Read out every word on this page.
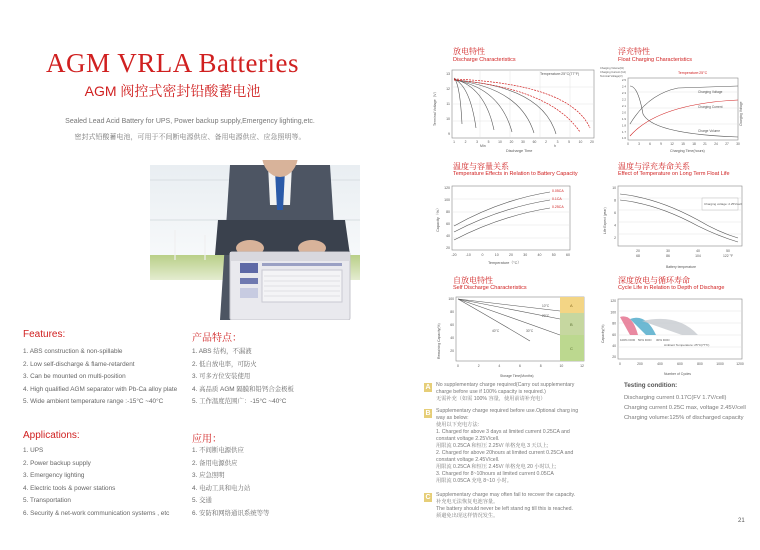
AGM VRLA Batteries
AGM 阀控式密封铅酸蓄电池
Sealed Lead Acid Battery for UPS, Power backup supply,Emergency lighting,etc.
密封式铅酸蓄电池，可用于不间断电源供应、备用电源供应、应急照明等。
Features:	产品特点：
1. ABS construction & non-spillable
2. Low self-discharge & flame-retardent
3. Can be mounted on multi-position
4. High qualified AGM separator with Pb-Ca alloy plate
5. Wide ambient temperature range :-15°C ~40°C
1. ABS 结构，不漏液
2. 低自放电率，可防火
3. 可多方位安装使用
4. 高品质 AGM 隔膜和铅钙合金极板
5. 工作温度范围广：-15°C ~40°C
Applications:	应用：
1. UPS
2. Power backup supply
3. Emergency lighting
4. Electric tools & power stations
5. Transportation
6. Security & net-work communication systems , etc
1. 不间断电源供应
2. 备用电源供应
3. 应急照明
4. 电动工具和电力站
5. 交通
6. 安防和网络通讯系统等等
放电特性
Discharge Characteristics
Temperature:25°C(77°F)
Terminal Voltage（V）
Discharge Time
Min	h
13
12
11
10
9
1	2	3	5	10 20 30 60	2	3	5	10 20
浮充特性
Float Charging Characteristics
Temperature:25°C
Charging Voltage
Charging Current
Charge Volume
Charging Voltage
Charging Time(hours)
Charging Volume(%)
Charging Current (CA)
Terminal Voltage(V)
0	3	6	9	12 15 18 21 24 27 30
2.5
2.4
2.3
2.2
2.1
2.0
1.9
1.8
1.7
1.6
温度与容量关系
Temperature Effects in Relation to Battery Capacity
0.05CA
0.1CA
0.25CA
Capacity（%）
Temperature（°C）
120
100
80
60
40
20
-20	-10	0	10	20	30	40	50	60
温度与浮充寿命关系
Effect of Temperature on Long Term Float Life
Charging voltage: 2.25V/cell
Life Expect (year)
Battery temperature
20	30	40	50
68	86	104	122 °F
10
8
6
4
2
自放电特性
Self Discharge Characteristics
A
B
C
10°C
20°C
30°C
40°C
Remaining Capacity(%)
Storage Time(Months)
0	2	4	6	8	10	12
100
80
60
40
20
深度放电与循环寿命
Cycle Life in Relation to Depth of Discharge
100% DOD 50% DOD 30% DOD
Ambient Temperature: 25°C(77°F)
Capacity(%)
Number of Cycles
0	200	400	600	800	1000	1200
120
100
80
60
40
20
A No supplementary charge required(Carry out supplementary
charge before use if 100% capacity is required.)
无需补充（如需 100% 容量，使用前请补充电）
B Supplementary charge required before use.Optional charg ing
way as below:
使用以下充电方法:
1. Charged for above 3 days at limited current 0.25CA and
constant voltage 2.25V/cell.
用限流 0.25CA 和恒压 2.25V/ 单格充电 3 天以上;
2. Charged for above 20hours at limited current 0.25CA and
constant voltage 2.45V/cell.
用限流 0.25CA 和恒压 2.45V/ 单格充电 20 小时以上;
3. Charged for 8~10hours at limited current 0.05CA
用限流 0.05CA 充电 8~10 小时。
C Supplementary charge may often fail to recover the capacity.
补充电无法恢复电池容量。
The battery should never be left stand ng till this is reached.
须避免出现这样情况发生。
Testing condition:
Discharging current 0.17C(FV 1.7V/cell)
Charging current 0.25C max, voltage 2.45V/cell
Charging volume:125% of discharged capacity
21
